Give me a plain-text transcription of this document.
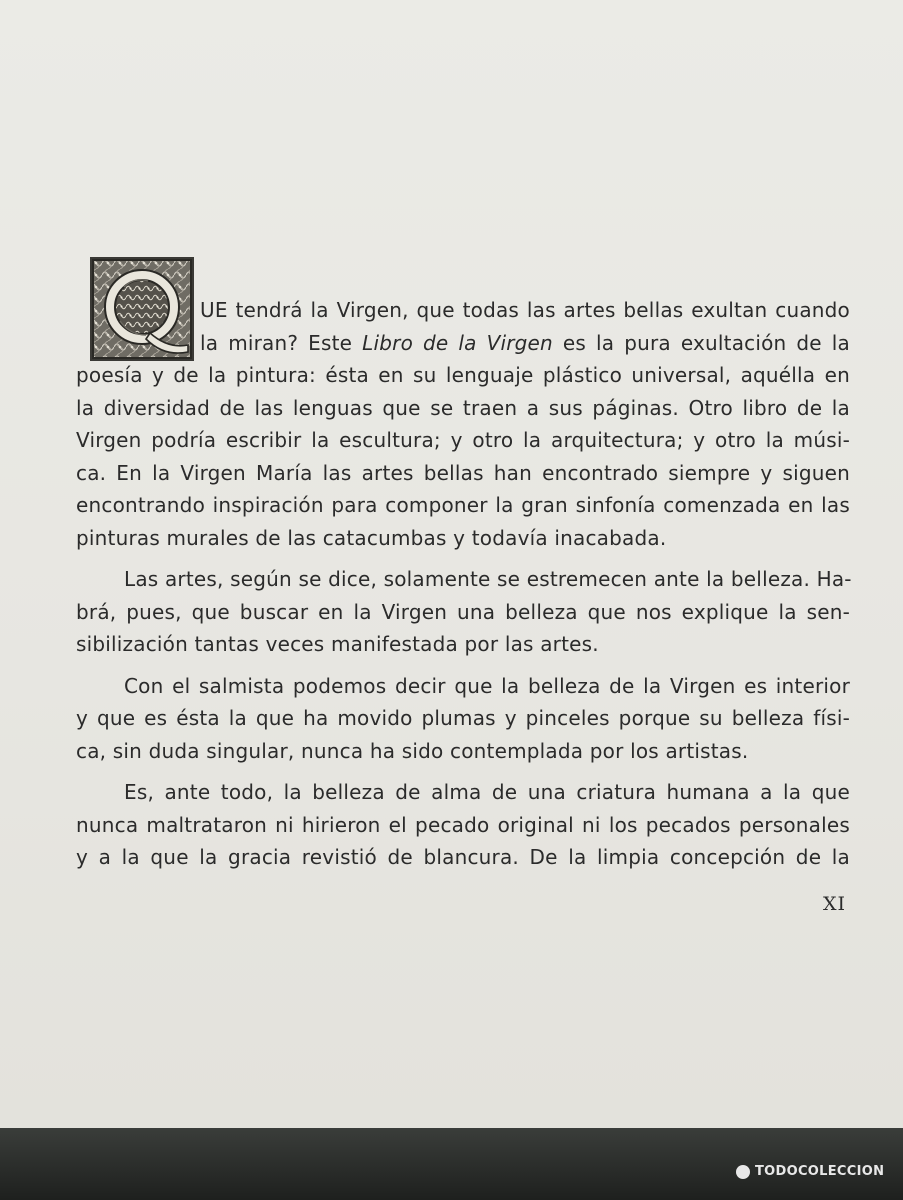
UE tendrá la Virgen, que todas las artes bellas exultan cuando
la miran? Este Libro de la Virgen es la pura exultación de la
poesía y de la pintura: ésta en su lenguaje plástico universal, aquélla en
la diversidad de las lenguas que se traen a sus páginas. Otro libro de la
Virgen podría escribir la escultura; y otro la arquitectura; y otro la músi-
ca. En la Virgen María las artes bellas han encontrado siempre y siguen
encontrando inspiración para componer la gran sinfonía comenzada en las
pinturas murales de las catacumbas y todavía inacabada.
Las artes, según se dice, solamente se estremecen ante la belleza. Ha-
brá, pues, que buscar en la Virgen una belleza que nos explique la sen-
sibilización tantas veces manifestada por las artes.
Con el salmista podemos decir que la belleza de la Virgen es interior
y que es ésta la que ha movido plumas y pinceles porque su belleza físi-
ca, sin duda singular, nunca ha sido contemplada por los artistas.
Es, ante todo, la belleza de alma de una criatura humana a la que
nunca maltrataron ni hirieron el pecado original ni los pecados personales
y a la que la gracia revistió de blancura. De la limpia concepción de la
XI
TODOCOLECCION
